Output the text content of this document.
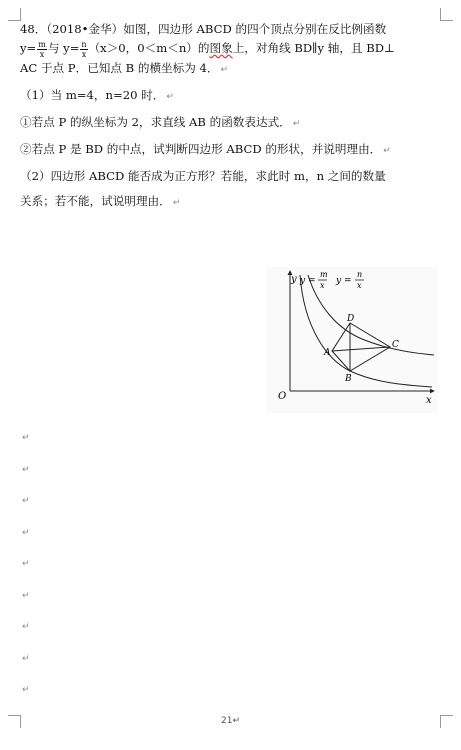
48．（2018•金华）如图，四边形 ABCD 的四个顶点分别在反比例函数
$y= \frac{m}{x}$ 与 $y= \frac{n}{x} (x>0$，0＜m＜n）的图象上，对角线 BD∥y 轴，且 BD⊥
AC 于点 P．已知点 B 的横坐标为 4． ↵
（1）当 m=4，n=20 时． ↵
①若点 P 的纵坐标为 2，求直线 AB 的函数表达式． ↵
②若点 P 是 BD 的中点，试判断四边形 ABCD 的形状，并说明理由． ↵
（2）四边形 ABCD 能否成为正方形？若能，求此时 m，n 之间的数量
关系；若不能，试说明理由． ↵
O	x
y y =
m
x y =
n
x
A
B
C
D
↵
↵
↵
↵
↵
↵
↵
↵
↵
21↵
